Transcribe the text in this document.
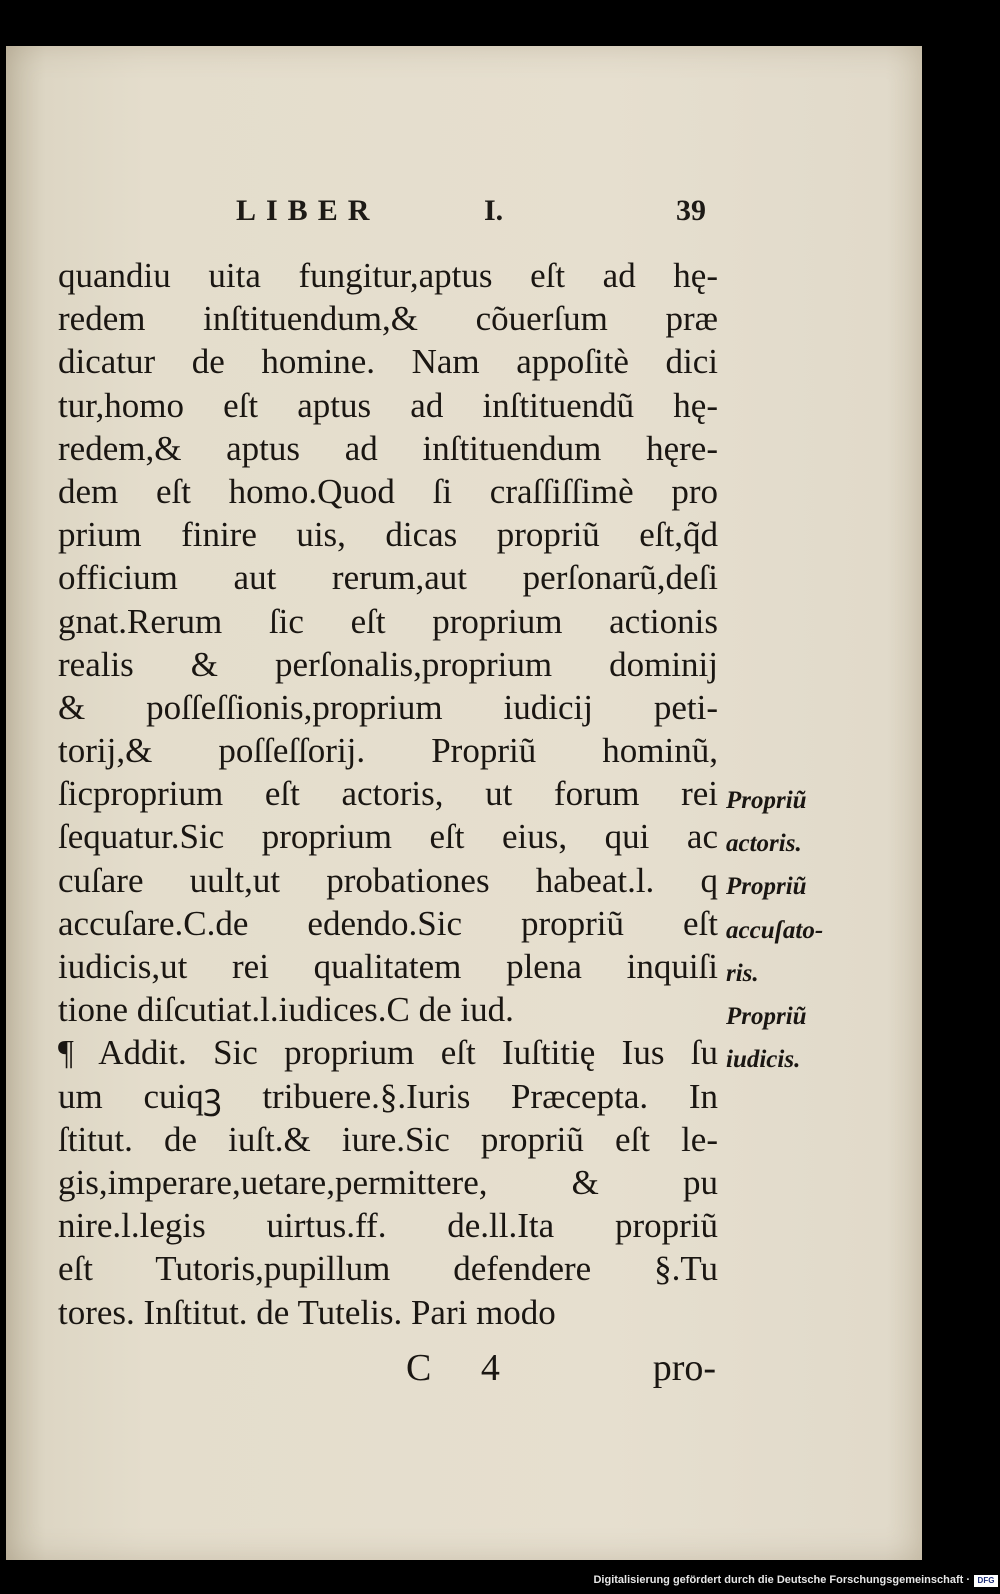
LIBER	I.	39
quandiu uita fungitur,aptus eſt ad hę-
redem inſtituendum,& cõuerſum præ
dicatur de homine. Nam appoſitè dici
tur,homo eſt aptus ad inſtituendũ hę-
redem,& aptus ad inſtituendum hęre-
dem eſt homo.Quod ſi craſſiſſimè pro
prium finire uis, dicas propriũ eſt,q̃d
officium aut rerum,aut perſonarũ,deſi
gnat.Rerum ſic eſt proprium actionis
realis & perſonalis,proprium dominij
& poſſeſſionis,proprium iudicij peti-
torij,& poſſeſſorij. Propriũ hominũ,
ſicproprium eſt actoris, ut forum rei
ſequatur.Sic proprium eſt eius, qui ac
cuſare uult,ut probationes habeat.l. q
accuſare.C.de edendo.Sic propriũ eſt
iudicis,ut rei qualitatem plena inquiſi
tione diſcutiat.l.iudices.C de iud.
¶ Addit. Sic proprium eſt Iuſtitię Ius ſu
um cuiqꝫ tribuere.§.Iuris Præcepta. In
ſtitut. de iuſt.& iure.Sic propriũ eſt le-
gis,imperare,uetare,permittere, & pu
nire.l.legis uirtus.ff. de.ll.Ita propriũ
eſt Tutoris,pupillum defendere §.Tu
tores. Inſtitut. de Tutelis. Pari modo
Propriũ
actoris.
Propriũ
accuſato-
ris.
Propriũ
iudicis.
C 4	pro-
Digitalisierung gefördert durch die Deutsche Forschungsgemeinschaft · DFG
